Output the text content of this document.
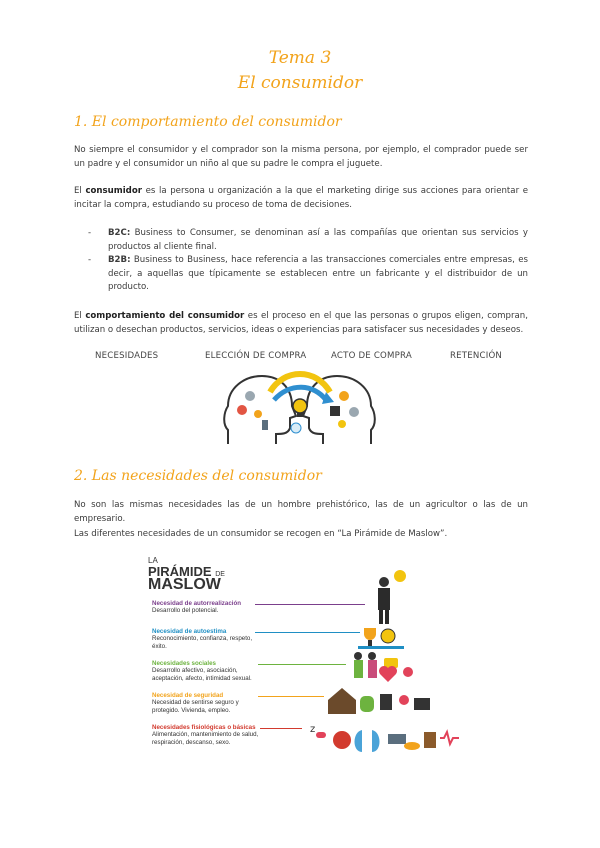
Tema 3
El consumidor
1. El comportamiento del consumidor
No siempre el consumidor y el comprador son la misma persona, por ejemplo, el comprador puede ser un padre y el consumidor un niño al que su padre le compra el juguete.
El consumidor es la persona u organización a la que el marketing dirige sus acciones para orientar e incitar la compra, estudiando su proceso de toma de decisiones.
- B2C: Business to Consumer, se denominan así a las compañías que orientan sus servicios y productos al cliente final.
- B2B: Business to Business, hace referencia a las transacciones comerciales entre empresas, es decir, a aquellas que típicamente se establecen entre un fabricante y el distribuidor de un producto.
El comportamiento del consumidor es el proceso en el que las personas o grupos eligen, compran, utilizan o desechan productos, servicios, ideas o experiencias para satisfacer sus necesidades y deseos.
NECESIDADES	ELECCIÓN DE COMPRA	ACTO DE COMPRA	RETENCIÓN
2. Las necesidades del consumidor
No son las mismas necesidades las de un hombre prehistórico, las de un agricultor o las de un empresario.
Las diferentes necesidades de un consumidor se recogen en “La Pirámide de Maslow”.
LA
PIRÁMIDE DE
MASLOW
Necesidad de autorrealización
Desarrollo del potencial.
Necesidad de autoestima
Reconocimiento, confianza, respeto, éxito.
Necesidades sociales
Desarrollo afectivo, asociación, aceptación, afecto, intimidad sexual.
Necesidad de seguridad
Necesidad de sentirse seguro y protegido. Vivienda, empleo.
Necesidades fisiológicas o básicas
Alimentación, mantenimiento de salud, respiración, descanso, sexo.
z
